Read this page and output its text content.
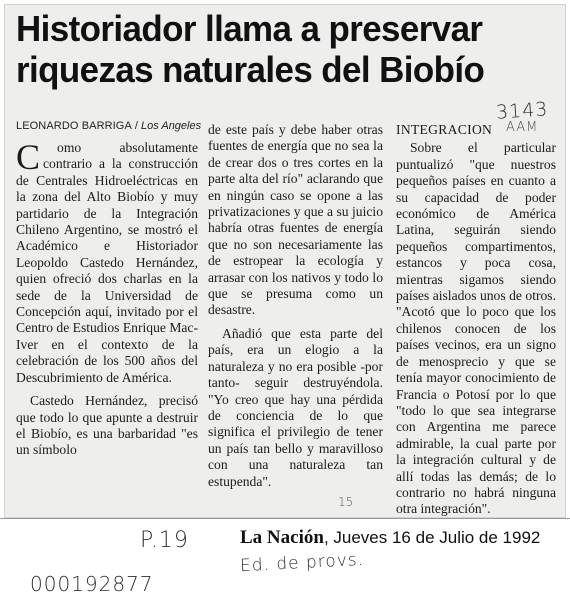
Historiador llama a preservar riquezas naturales del Biobío
LEONARDO BARRIGA / Los Angeles

C omo absolutamente contrario a la construcción de Centrales Hidroeléctricas en la zona del Alto Biobío y muy partidario de la Integración Chileno Argentino, se mostró el Académico e Historiador Leopoldo Castedo Hernández, quien ofreció dos charlas en la sede de la Universidad de Concepción aquí, invitado por el Centro de Estudios Enrique Mac-Iver en el contexto de la celebración de los 500 años del Descubrimiento de América.

Castedo Hernández, precisó que todo lo que apunte a destruir el Biobío, es una barbaridad "es un símbolo

de este país y debe haber otras fuentes de energía que no sea la de crear dos o tres cortes en la parte alta del río" aclarando que en ningún caso se opone a las privatizaciones y que a su juicio habría otras fuentes de energía que no son necesariamente las de estropear la ecología y arrasar con los nativos y todo lo que se presuma como un desastre.

Añadió que esta parte del país, era un elogio a la naturaleza y no era posible -por tanto- seguir destruyéndola. "Yo creo que hay una pérdida de conciencia de lo que significa el privilegio de tener un país tan bello y maravilloso con una naturaleza tan estupenda".

INTEGRACION

Sobre el particular puntualizó "que nuestros pequeños países en cuanto a su capacidad de poder económico de América Latina, seguirán siendo pequeños compartimentos, estancos y poca cosa, mientras sigamos siendo países aislados unos de otros. "Acotó que lo poco que los chilenos conocen de los países vecinos, era un signo de menosprecio y que se tenía mayor conocimiento de Francia o Potosí por lo que "todo lo que sea integrarse con Argentina me parece admirable, la cual parte por la integración cultural y de allí todas las demás; de lo contrario no habrá ninguna otra integración".

3143
AAM
15
P.19	La Nación, Jueves 16 de Julio de 1992
Ed. de provs.
000192877
